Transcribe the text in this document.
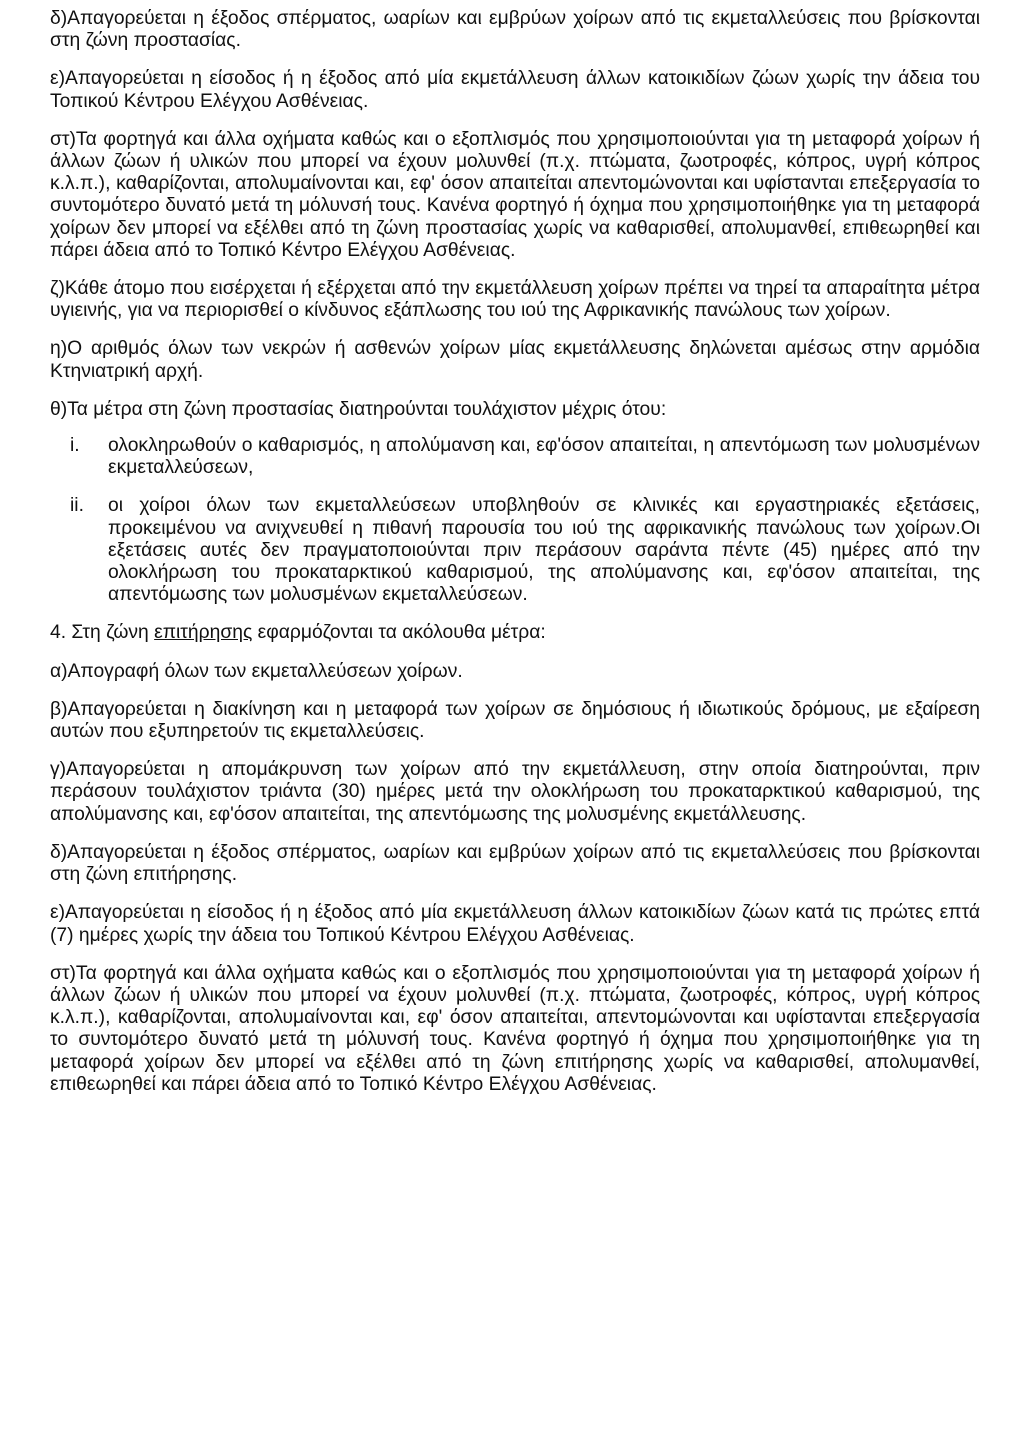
δ)Απαγορεύεται η έξοδος σπέρματος, ωαρίων και εμβρύων χοίρων από τις εκμεταλλεύσεις που βρίσκονται στη ζώνη προστασίας.

ε)Απαγορεύεται η είσοδος ή η έξοδος από μία εκμετάλλευση άλλων κατοικιδίων ζώων χωρίς την άδεια του Τοπικού Κέντρου Ελέγχου Ασθένειας.

στ)Τα φορτηγά και άλλα οχήματα καθώς και ο εξοπλισμός που χρησιμοποιούνται για τη μεταφορά χοίρων ή άλλων ζώων ή υλικών που μπορεί να έχουν μολυνθεί (π.χ. πτώματα, ζωοτροφές, κόπρος, υγρή κόπρος κ.λ.π.), καθαρίζονται, απολυμαίνονται και, εφ' όσον απαιτείται απεντομώνονται και υφίστανται επεξεργασία το συντομότερο δυνατό μετά τη μόλυνσή τους. Κανένα φορτηγό ή όχημα που χρησιμοποιήθηκε για τη μεταφορά χοίρων δεν μπορεί να εξέλθει από τη ζώνη προστασίας χωρίς να καθαρισθεί, απολυμανθεί, επιθεωρηθεί και πάρει άδεια από το Τοπικό Κέντρο Ελέγχου Ασθένειας.

ζ)Κάθε άτομο που εισέρχεται ή εξέρχεται από την εκμετάλλευση χοίρων πρέπει να τηρεί τα απαραίτητα μέτρα υγιεινής, για να περιορισθεί ο κίνδυνος εξάπλωσης του ιού της Αφρικανικής πανώλους των χοίρων.

η)Ο αριθμός όλων των νεκρών ή ασθενών χοίρων μίας εκμετάλλευσης δηλώνεται αμέσως στην αρμόδια Κτηνιατρική αρχή.

θ)Τα μέτρα στη ζώνη προστασίας διατηρούνται τουλάχιστον μέχρις ότου:

i.	ολοκληρωθούν ο καθαρισμός, η απολύμανση και, εφ'όσον απαιτείται, η απεντόμωση των μολυσμένων εκμεταλλεύσεων,
ii.	οι χοίροι όλων των εκμεταλλεύσεων υποβληθούν σε κλινικές και εργαστηριακές εξετάσεις, προκειμένου να ανιχνευθεί η πιθανή παρουσία του ιού της αφρικανικής πανώλους των χοίρων.Οι εξετάσεις αυτές δεν πραγματοποιούνται πριν περάσουν σαράντα πέντε (45) ημέρες από την ολοκλήρωση του προκαταρκτικού καθαρισμού, της απολύμανσης και, εφ'όσον απαιτείται, της απεντόμωσης των μολυσμένων εκμεταλλεύσεων.

4. Στη ζώνη επιτήρησης εφαρμόζονται τα ακόλουθα μέτρα:

α)Απογραφή όλων των εκμεταλλεύσεων χοίρων.

β)Απαγορεύεται η διακίνηση και η μεταφορά των χοίρων σε δημόσιους ή ιδιωτικούς δρόμους, με εξαίρεση αυτών που εξυπηρετούν τις εκμεταλλεύσεις.

γ)Απαγορεύεται η απομάκρυνση των χοίρων από την εκμετάλλευση, στην οποία διατηρούνται, πριν περάσουν τουλάχιστον τριάντα (30) ημέρες μετά την ολοκλήρωση του προκαταρκτικού καθαρισμού, της απολύμανσης και, εφ'όσον απαιτείται, της απεντόμωσης της μολυσμένης εκμετάλλευσης.

δ)Απαγορεύεται η έξοδος σπέρματος, ωαρίων και εμβρύων χοίρων από τις εκμεταλλεύσεις που βρίσκονται στη ζώνη επιτήρησης.

ε)Απαγορεύεται η είσοδος ή η έξοδος από μία εκμετάλλευση άλλων κατοικιδίων ζώων κατά τις πρώτες επτά (7) ημέρες χωρίς την άδεια του Τοπικού Κέντρου Ελέγχου Ασθένειας.

στ)Τα φορτηγά και άλλα οχήματα καθώς και ο εξοπλισμός που χρησιμοποιούνται για τη μεταφορά χοίρων ή άλλων ζώων ή υλικών που μπορεί να έχουν μολυνθεί (π.χ. πτώματα, ζωοτροφές, κόπρος, υγρή κόπρος κ.λ.π.), καθαρίζονται, απολυμαίνονται και, εφ' όσον απαιτείται, απεντομώνονται και υφίστανται επεξεργασία το συντομότερο δυνατό μετά τη μόλυνσή τους. Κανένα φορτηγό ή όχημα που χρησιμοποιήθηκε για τη μεταφορά χοίρων δεν μπορεί να εξέλθει από τη ζώνη επιτήρησης χωρίς να καθαρισθεί, απολυμανθεί, επιθεωρηθεί και πάρει άδεια από το Τοπικό Κέντρο Ελέγχου Ασθένειας.
